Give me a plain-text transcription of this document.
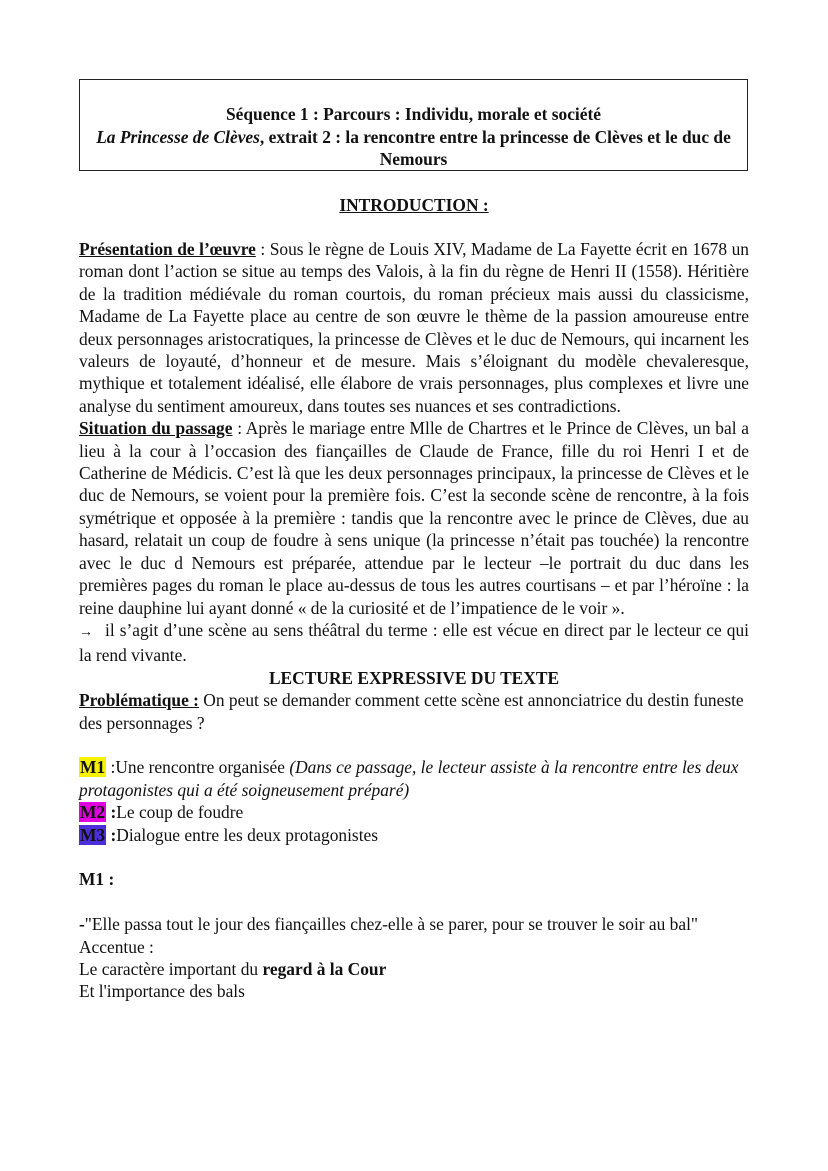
Séquence 1 : Parcours : Individu, morale et société
La Princesse de Clèves, extrait 2 : la rencontre entre la princesse de Clèves et le duc de Nemours
INTRODUCTION :

Présentation de l’œuvre : Sous le règne de Louis XIV, Madame de La Fayette écrit en 1678 un roman dont l’action se situe au temps des Valois, à la fin du règne de Henri II (1558). Héritière de la tradition médiévale du roman courtois, du roman précieux mais aussi du classicisme, Madame de La Fayette place au centre de son œuvre le thème de la passion amoureuse entre deux personnages aristocratiques, la princesse de Clèves et le duc de Nemours, qui incarnent les valeurs de loyauté, d’honneur et de mesure. Mais s’éloignant du modèle chevaleresque, mythique et totalement idéalisé, elle élabore de vrais personnages, plus complexes et livre une analyse du sentiment amoureux, dans toutes ses nuances et ses contradictions.

Situation du passage : Après le mariage entre Mlle de Chartres et le Prince de Clèves, un bal a lieu à la cour à l’occasion des fiançailles de Claude de France, fille du roi Henri I et de Catherine de Médicis. C’est là que les deux personnages principaux, la princesse de Clèves et le duc de Nemours, se voient pour la première fois. C’est la seconde scène de rencontre, à la fois symétrique et opposée à la première : tandis que la rencontre avec le prince de Clèves, due au hasard, relatait un coup de foudre à sens unique (la princesse n’était pas touchée) la rencontre avec le duc d Nemours est préparée, attendue par le lecteur –le portrait du duc dans les premières pages du roman le place au-dessus de tous les autres courtisans – et par l’héroïne : la reine dauphine lui ayant donné « de la curiosité et de l’impatience de le voir ».

→ il s’agit d’une scène au sens théâtral du terme : elle est vécue en direct par le lecteur ce qui la rend vivante.

LECTURE EXPRESSIVE DU TEXTE

Problématique : On peut se demander comment cette scène est annonciatrice du destin funeste des personnages ?

M1 :Une rencontre organisée (Dans ce passage, le lecteur assiste à la rencontre entre les deux protagonistes qui a été soigneusement préparé)

M2 :Le coup de foudre

M3 :Dialogue entre les deux protagonistes

M1 :

-"Elle passa tout le jour des fiançailles chez-elle à se parer, pour se trouver le soir au bal"

Accentue :

Le caractère important du regard à la Cour

Et l'importance des bals
